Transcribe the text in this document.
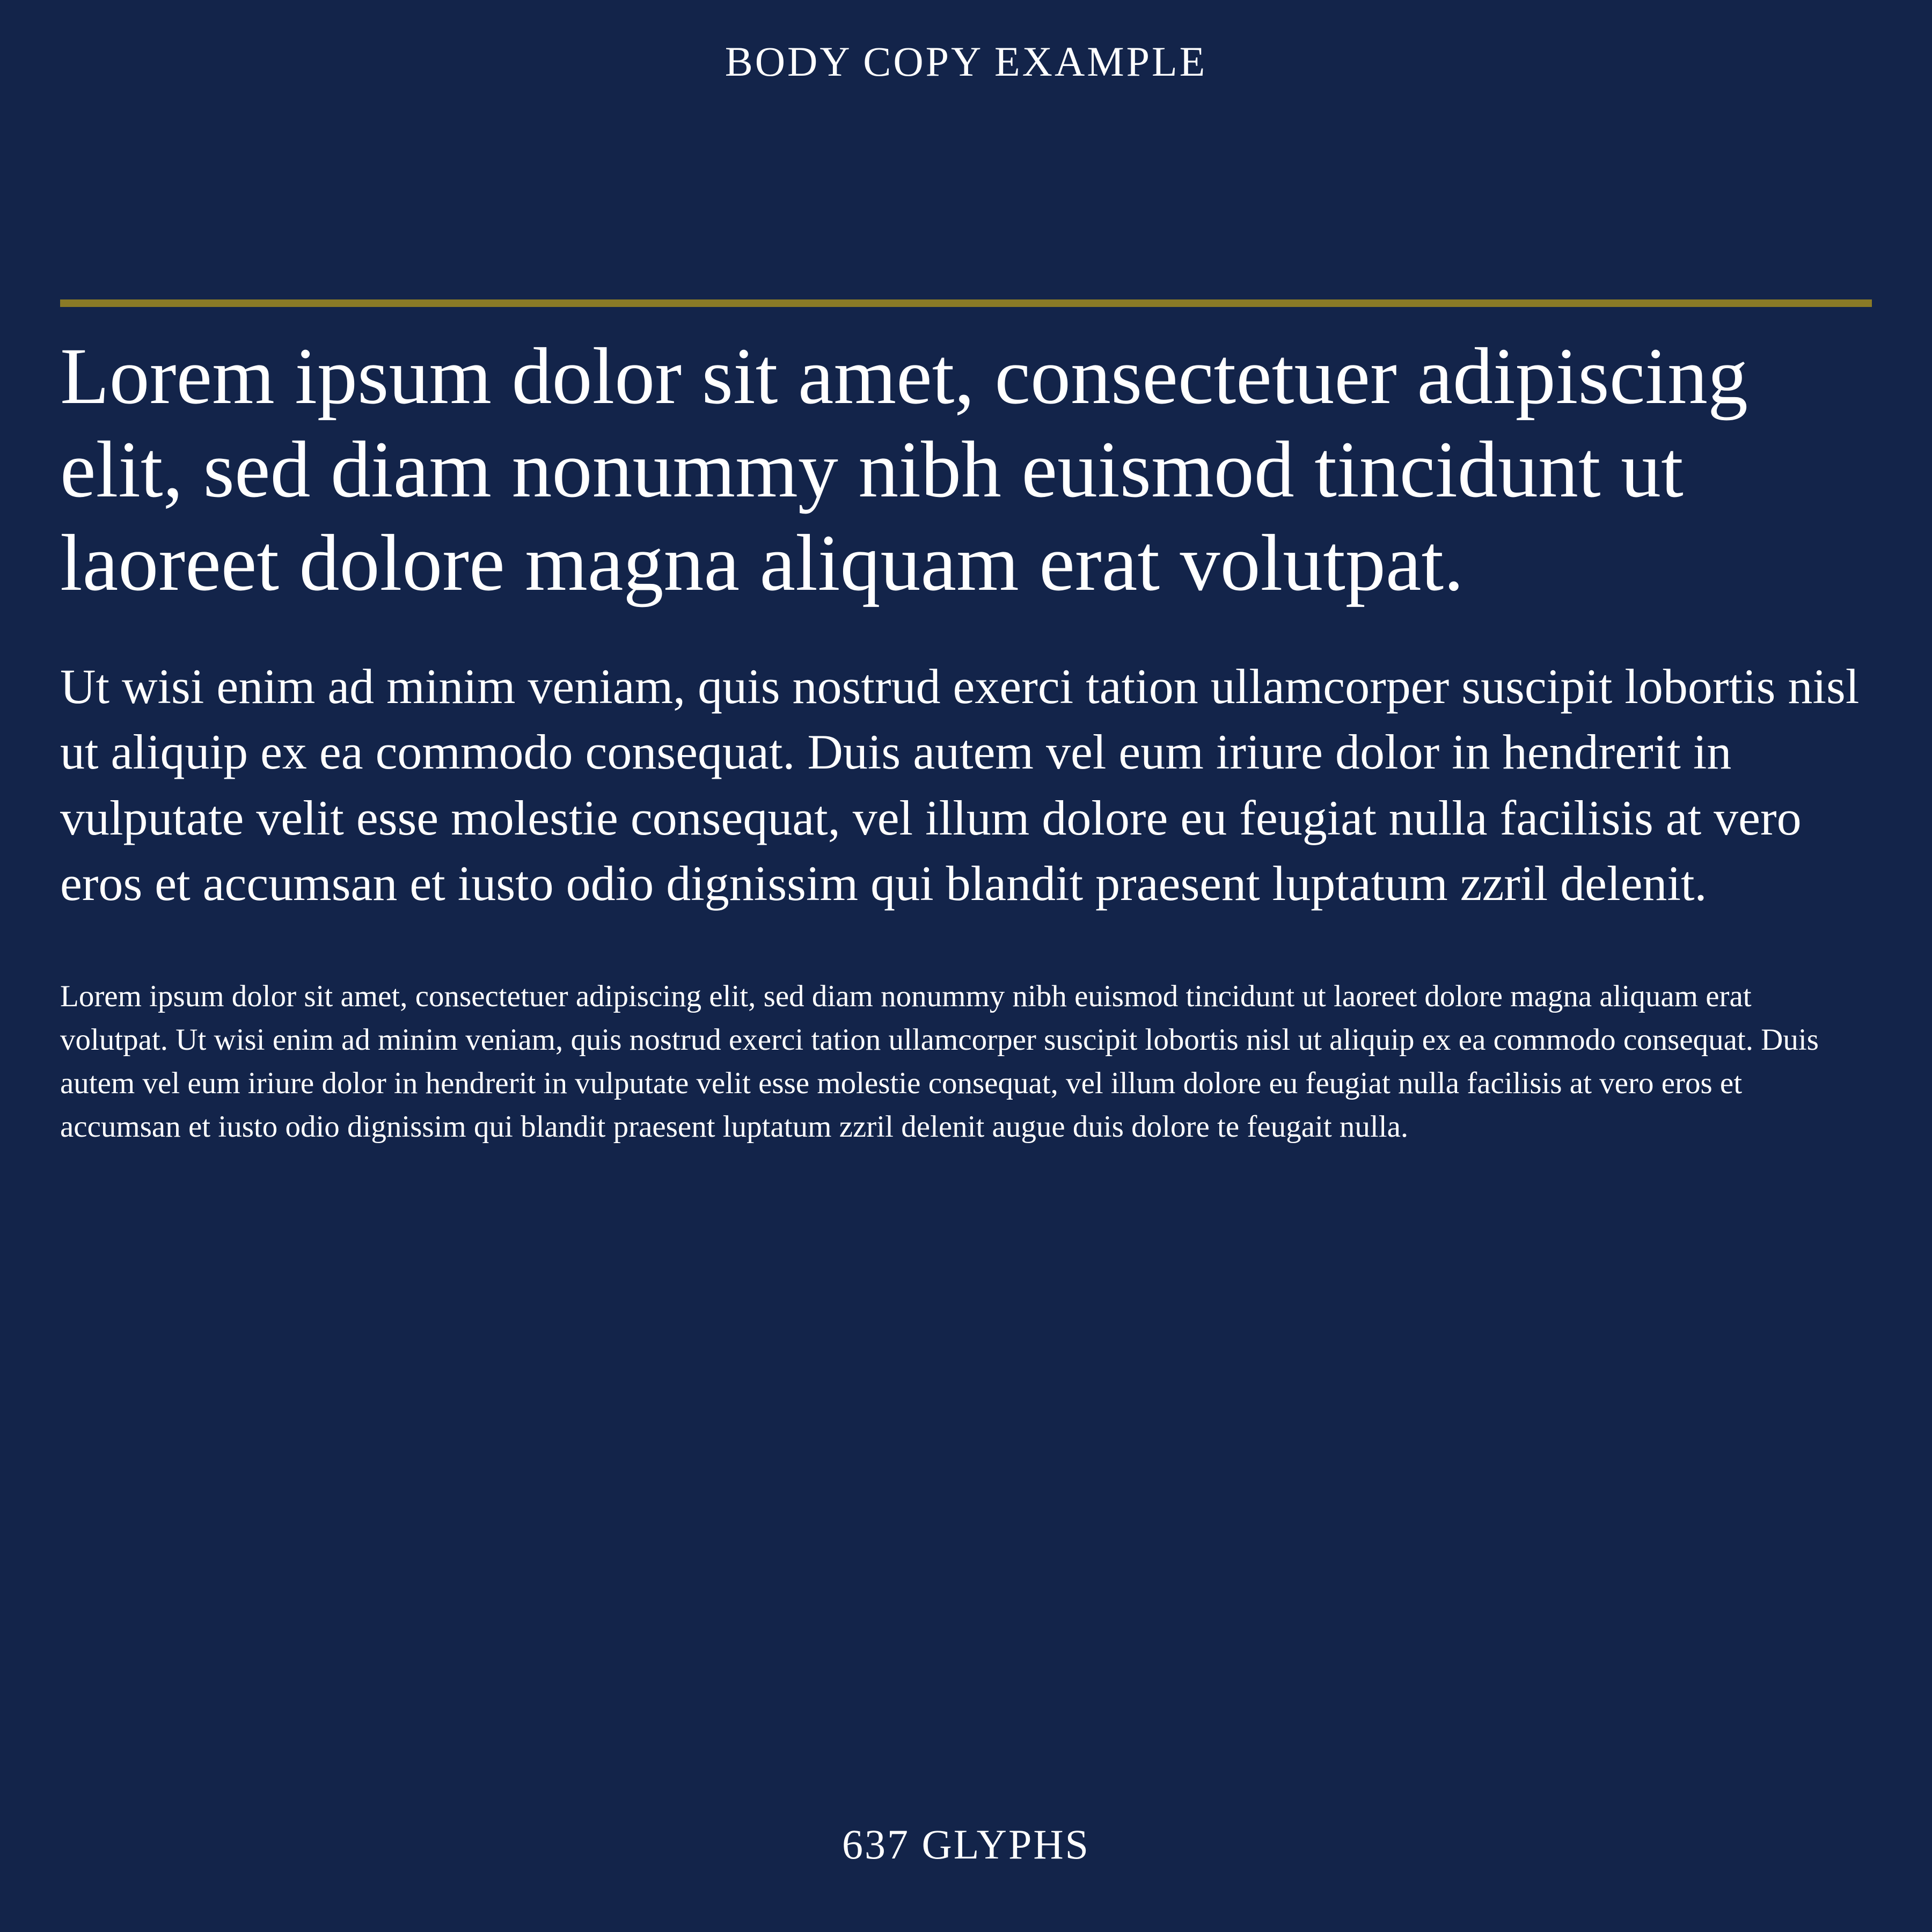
BODY COPY EXAMPLE
Lorem ipsum dolor sit amet, consectetuer adipiscing elit, sed diam nonummy nibh euismod tincidunt ut laoreet dolore magna aliquam erat volutpat.
Ut wisi enim ad minim veniam, quis nostrud exerci tation ullamcorper suscipit lobortis nisl ut aliquip ex ea commodo consequat. Duis autem vel eum iriure dolor in hendrerit in vulputate velit esse molestie consequat, vel illum dolore eu feugiat nulla facilisis at vero eros et accumsan et iusto odio dignissim qui blandit praesent luptatum zzril delenit.
Lorem ipsum dolor sit amet, consectetuer adipiscing elit, sed diam nonummy nibh euismod tincidunt ut laoreet dolore magna aliquam erat volutpat. Ut wisi enim ad minim veniam, quis nostrud exerci tation ullamcorper suscipit lobortis nisl ut aliquip ex ea commodo consequat. Duis autem vel eum iriure dolor in hendrerit in vulputate velit esse molestie consequat, vel illum dolore eu feugiat nulla facilisis at vero eros et accumsan et iusto odio dignissim qui blandit praesent luptatum zzril delenit augue duis dolore te feugait nulla.
637 GLYPHS
